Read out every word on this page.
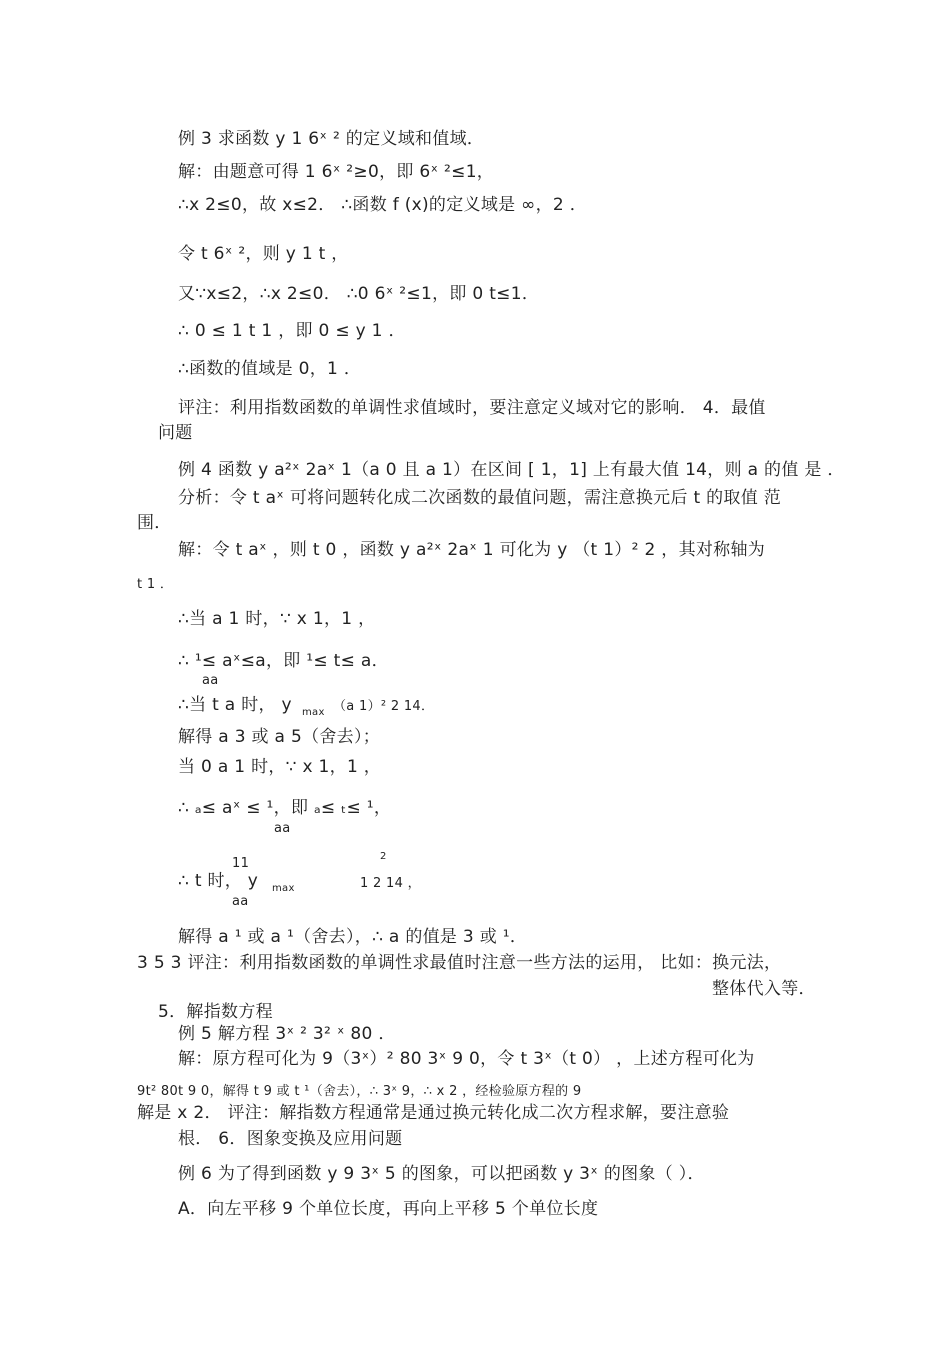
例 3 求函数 y 1 6ˣ ² 的定义域和值域．
解：由题意可得 1 6ˣ ²≥0，即 6ˣ ²≤1，
∴x 2≤0，故 x≤2． ∴函数 f (x)的定义域是 ∞，2 ．
令 t 6ˣ ²，则 y 1 t ，
又∵x≤2，∴x 2≤0． ∴0 6ˣ ²≤1，即 0 t≤1．
∴ 0 ≤ 1 t 1 ，即 0 ≤ y 1 ．
∴函数的值域是 0，1 ．
评注：利用指数函数的单调性求值域时，要注意定义域对它的影响． 4．最值
问题
例 4 函数 y a²ˣ 2aˣ 1（a 0 且 a 1）在区间 [ 1，1] 上有最大值 14，则 a 的值 是 ．
分析：令 t aˣ 可将问题转化成二次函数的最值问题，需注意换元后 t 的取值 范
围．
解：令 t aˣ ，则 t 0 ，函数 y a²ˣ 2aˣ 1 可化为 y （t 1）² 2 ，其对称轴为
t 1 ．
∴当 a 1 时，∵ x 1，1 ，
∴ ¹≤ aˣ≤a，即 ¹≤ t≤ a．
aa
∴当 t a 时， y max （a 1）² 2 14．
解得 a 3 或 a 5（舍去）；
当 0 a 1 时，∵ x 1，1 ，
∴ ₐ≤ aˣ ≤ ¹，即 ₐ≤ ₜ≤ ¹，
aa
11	2
∴ t 时， y max	1 2 14 ，
aa
解得 a ¹ 或 a ¹（舍去），∴ a 的值是 3 或 ¹．
3 5 3 评注：利用指数函数的单调性求最值时注意一些方法的运用， 比如：换元法，
整体代入等．
5．解指数方程
例 5 解方程 3ˣ ² 3² ˣ 80 ．
解：原方程可化为 9（3ˣ）² 80 3ˣ 9 0，令 t 3ˣ（t 0） ，上述方程可化为
9t² 80t 9 0，解得 t 9 或 t ¹（舍去），∴ 3ˣ 9，∴ x 2 ，经检验原方程的 9
解是 x 2． 评注：解指数方程通常是通过换元转化成二次方程求解，要注意验
根． 6．图象变换及应用问题
例 6 为了得到函数 y 9 3ˣ 5 的图象，可以把函数 y 3ˣ 的图象（ ）．
A．向左平移 9 个单位长度，再向上平移 5 个单位长度
